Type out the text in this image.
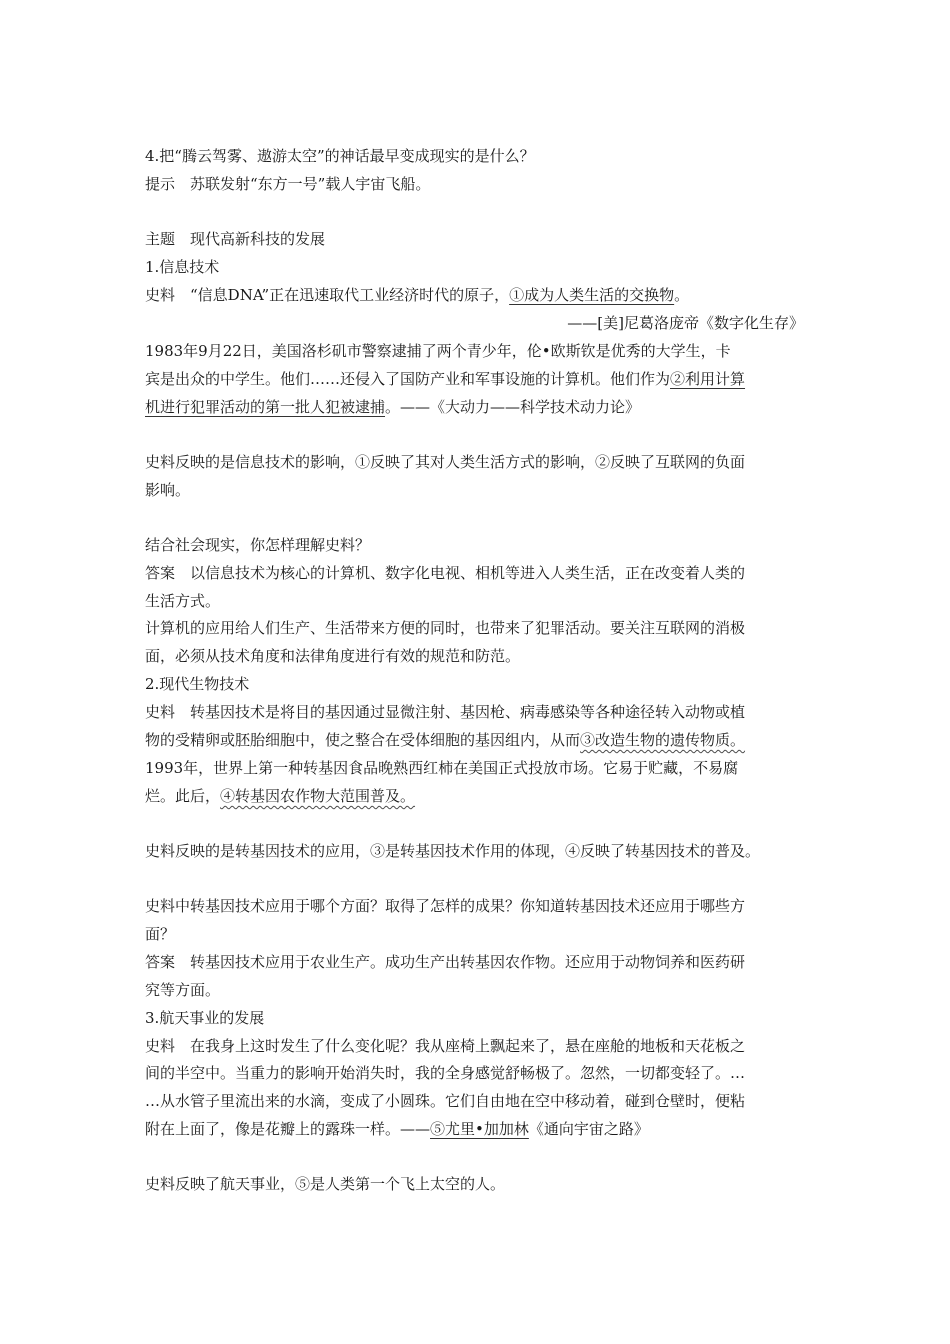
4.把“腾云驾雾、遨游太空”的神话最早变成现实的是什么？
提示　苏联发射“东方一号”载人宇宙飞船。
主题　现代高新科技的发展
1.信息技术
史料　“信息DNA”正在迅速取代工业经济时代的原子，①成为人类生活的交换物。
——[美]尼葛洛庞帝《数字化生存》
1983年9月22日，美国洛杉矶市警察逮捕了两个青少年，伦•欧斯钦是优秀的大学生，卡
宾是出众的中学生。他们……还侵入了国防产业和军事设施的计算机。他们作为②利用计算
机进行犯罪活动的第一批人犯被逮捕。——《大动力——科学技术动力论》
史料反映的是信息技术的影响，①反映了其对人类生活方式的影响，②反映了互联网的负面
影响。
结合社会现实，你怎样理解史料？
答案　以信息技术为核心的计算机、数字化电视、相机等进入人类生活，正在改变着人类的
生活方式。
计算机的应用给人们生产、生活带来方便的同时，也带来了犯罪活动。要关注互联网的消极
面，必须从技术角度和法律角度进行有效的规范和防范。
2.现代生物技术
史料　转基因技术是将目的基因通过显微注射、基因枪、病毒感染等各种途径转入动物或植
物的受精卵或胚胎细胞中，使之整合在受体细胞的基因组内，从而③改造生物的遗传物质。
1993年，世界上第一种转基因食品晚熟西红柿在美国正式投放市场。它易于贮藏，不易腐
烂。此后，④转基因农作物大范围普及。
史料反映的是转基因技术的应用，③是转基因技术作用的体现，④反映了转基因技术的普及。
史料中转基因技术应用于哪个方面？取得了怎样的成果？你知道转基因技术还应用于哪些方
面？
答案　转基因技术应用于农业生产。成功生产出转基因农作物。还应用于动物饲养和医药研
究等方面。
3.航天事业的发展
史料　在我身上这时发生了什么变化呢？我从座椅上飘起来了，悬在座舱的地板和天花板之
间的半空中。当重力的影响开始消失时，我的全身感觉舒畅极了。忽然，一切都变轻了。…
…从水管子里流出来的水滴，变成了小圆珠。它们自由地在空中移动着，碰到仓壁时，便粘
附在上面了，像是花瓣上的露珠一样。——⑤尤里•加加林《通向宇宙之路》
史料反映了航天事业，⑤是人类第一个飞上太空的人。
